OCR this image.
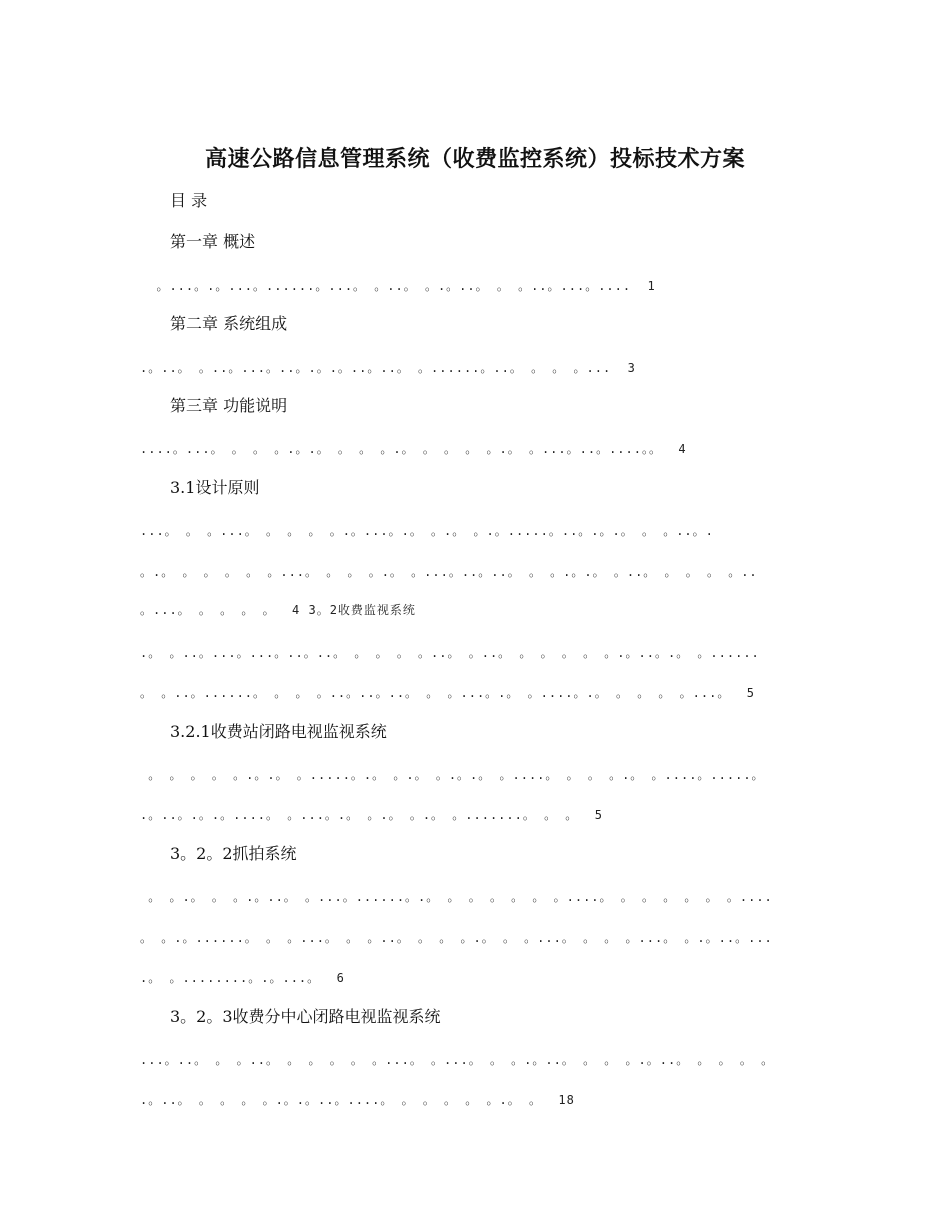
高速公路信息管理系统（收费监控系统）投标技术方案
目 录
第一章 概述
。...。.。...。......。...。 。..。 。.。..。 。 。..。...。....  1
第二章 系统组成
.。..。 。..。...。..。.。.。..。..。 。......。..。 。 。 。...  3
第三章 功能说明
....。...。 。 。 。.。.。 。 。 。.。 。 。 。 。.。 。...。..。....。。  4
3.1设计原则
...。 。 。...。 。 。 。 。.。...。.。 。.。 。.。.....。..。.。.。 。 。..。.
。.。 。 。 。 。 。...。 。 。 。.。 。...。..。..。 。 。.。.。 。..。 。 。 。 。..
。...。 。 。 。 。  4 3。2收费监视系统
.。 。..。...。...。..。..。 。 。 。 。..。 。..。 。 。 。 。 。.。..。.。 。......
。 。..。......。 。 。 。..。..。..。 。 。...。.。 。....。.。 。 。 。 。...。  5
3.2.1收费站闭路电视监视系统
。 。 。 。 。.。.。 。.....。.。 。.。 。.。.。 。....。 。 。 。.。 。....。.....。
.。..。.。.。....。 。...。.。 。.。 。.。 。.......。 。 。  5
3。2。2抓拍系统
。 。.。 。 。.。..。 。...。......。.。 。 。 。 。 。 。....。 。 。 。 。 。 。....
。 。.。......。 。 。...。 。 。..。 。 。 。.。 。 。...。 。 。 。...。 。.。..。...
.。 。........。.。...。  6
3。2。3收费分中心闭路电视监视系统
...。..。 。 。..。 。 。 。 。 。...。 。...。 。 。.。..。 。 。 。.。..。 。 。 。 。
.。..。 。 。 。 。.。.。..。....。 。 。 。 。 。.。 。  18
